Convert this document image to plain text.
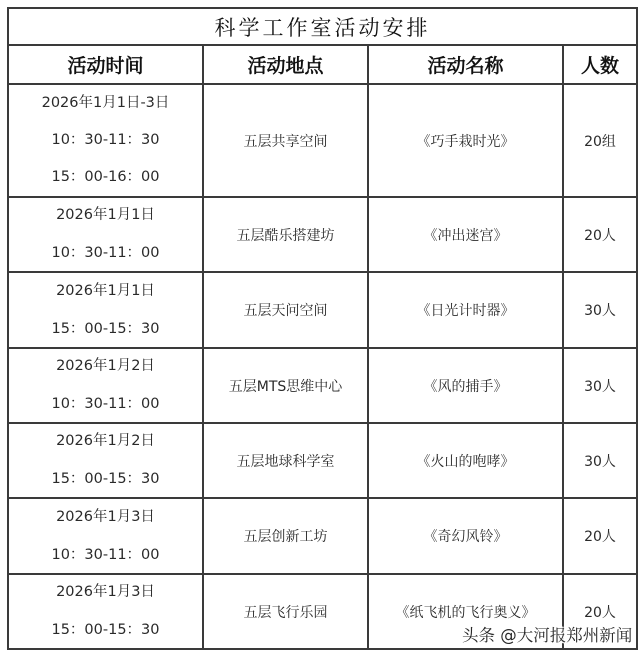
科学工作室活动安排			
活动时间	活动地点	活动名称	人数

2026年1月1日-3日
10：30-11：30
15：00-16：00	五层共享空间	《巧手栽时光》	20组

2026年1月1日
10：30-11：00	五层酷乐搭建坊	《冲出迷宫》	20人

2026年1月1日
15：00-15：30	五层天问空间	《日光计时器》	30人

2026年1月2日
10：30-11：00	五层MTS思维中心	《风的捕手》	30人

2026年1月2日
15：00-15：30	五层地球科学室	《火山的咆哮》	30人

2026年1月3日
10：30-11：00	五层创新工坊	《奇幻风铃》	20人

2026年1月3日
15：00-15：30	五层飞行乐园	《纸飞机的飞行奥义》	20人
头条 @大河报郑州新闻
